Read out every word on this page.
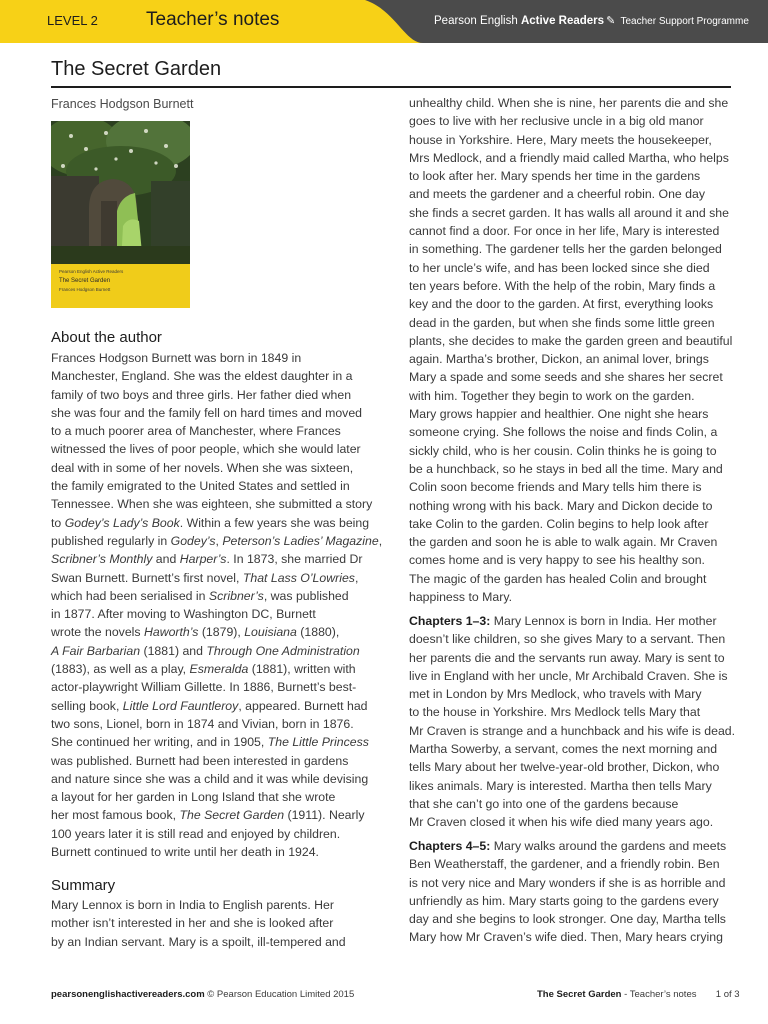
LEVEL 2	Teacher’s notes	Pearson English Active Readers ✎ Teacher Support Programme
The Secret Garden
Frances Hodgson Burnett
Pearson English Active Readers
The Secret Garden
Frances Hodgson Burnett
About the author
Frances Hodgson Burnett was born in 1849 in
Manchester, England. She was the eldest daughter in a
family of two boys and three girls. Her father died when
she was four and the family fell on hard times and moved
to a much poorer area of Manchester, where Frances
witnessed the lives of poor people, which she would later
deal with in some of her novels. When she was sixteen,
the family emigrated to the United States and settled in
Tennessee. When she was eighteen, she submitted a story
to Godey’s Lady’s Book. Within a few years she was being
published regularly in Godey’s, Peterson’s Ladies’ Magazine,
Scribner’s Monthly and Harper’s. In 1873, she married Dr
Swan Burnett. Burnett’s first novel, That Lass O’Lowries,
which had been serialised in Scribner’s, was published
in 1877. After moving to Washington DC, Burnett
wrote the novels Haworth’s (1879), Louisiana (1880),
A Fair Barbarian (1881) and Through One Administration
(1883), as well as a play, Esmeralda (1881), written with
actor-playwright William Gillette. In 1886, Burnett’s best-
selling book, Little Lord Fauntleroy, appeared. Burnett had
two sons, Lionel, born in 1874 and Vivian, born in 1876.
She continued her writing, and in 1905, The Little Princess
was published. Burnett had been interested in gardens
and nature since she was a child and it was while devising
a layout for her garden in Long Island that she wrote
her most famous book, The Secret Garden (1911). Nearly
100 years later it is still read and enjoyed by children.
Burnett continued to write until her death in 1924.
Summary
Mary Lennox is born in India to English parents. Her
mother isn’t interested in her and she is looked after
by an Indian servant. Mary is a spoilt, ill-tempered and
unhealthy child. When she is nine, her parents die and she
goes to live with her reclusive uncle in a big old manor
house in Yorkshire. Here, Mary meets the housekeeper,
Mrs Medlock, and a friendly maid called Martha, who helps
to look after her. Mary spends her time in the gardens
and meets the gardener and a cheerful robin. One day
she finds a secret garden. It has walls all around it and she
cannot find a door. For once in her life, Mary is interested
in something. The gardener tells her the garden belonged
to her uncle’s wife, and has been locked since she died
ten years before. With the help of the robin, Mary finds a
key and the door to the garden. At first, everything looks
dead in the garden, but when she finds some little green
plants, she decides to make the garden green and beautiful
again. Martha’s brother, Dickon, an animal lover, brings
Mary a spade and some seeds and she shares her secret
with him. Together they begin to work on the garden.
Mary grows happier and healthier. One night she hears
someone crying. She follows the noise and finds Colin, a
sickly child, who is her cousin. Colin thinks he is going to
be a hunchback, so he stays in bed all the time. Mary and
Colin soon become friends and Mary tells him there is
nothing wrong with his back. Mary and Dickon decide to
take Colin to the garden. Colin begins to help look after
the garden and soon he is able to walk again. Mr Craven
comes home and is very happy to see his healthy son.
The magic of the garden has healed Colin and brought
happiness to Mary.
Chapters 1–3: Mary Lennox is born in India. Her mother
doesn’t like children, so she gives Mary to a servant. Then
her parents die and the servants run away. Mary is sent to
live in England with her uncle, Mr Archibald Craven. She is
met in London by Mrs Medlock, who travels with Mary
to the house in Yorkshire. Mrs Medlock tells Mary that
Mr Craven is strange and a hunchback and his wife is dead.
Martha Sowerby, a servant, comes the next morning and
tells Mary about her twelve-year-old brother, Dickon, who
likes animals. Mary is interested. Martha then tells Mary
that she can’t go into one of the gardens because
Mr Craven closed it when his wife died many years ago.
Chapters 4–5: Mary walks around the gardens and meets
Ben Weatherstaff, the gardener, and a friendly robin. Ben
is not very nice and Mary wonders if she is as horrible and
unfriendly as him. Mary starts going to the gardens every
day and she begins to look stronger. One day, Martha tells
Mary how Mr Craven’s wife died. Then, Mary hears crying
pearsonenglishactivereaders.com © Pearson Education Limited 2015	The Secret Garden - Teacher’s notes 1 of 3
